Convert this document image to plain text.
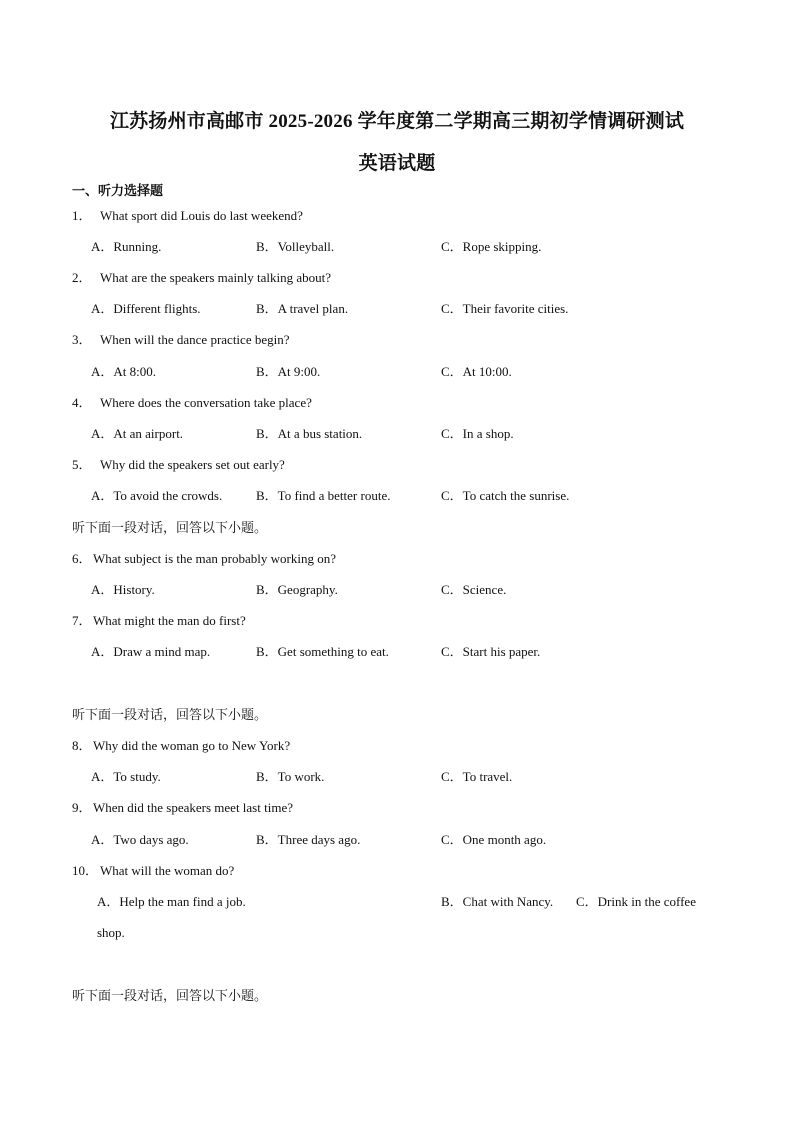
江苏扬州市高邮市 2025-2026 学年度第二学期高三期初学情调研测试
英语试题
一、听力选择题
1． What sport did Louis do last weekend?
A．Running.	B．Volleyball.	C．Rope skipping.
2． What are the speakers mainly talking about?
A．Different flights.	B．A travel plan.	C．Their favorite cities.
3． When will the dance practice begin?
A．At 8:00.	B．At 9:00.	C．At 10:00.
4． Where does the conversation take place?
A．At an airport.	B．At a bus station.	C．In a shop.
5． Why did the speakers set out early?
A．To avoid the crowds.	B．To find a better route.	C．To catch the sunrise.
听下面一段对话，回答以下小题。
6．What subject is the man probably working on?
A．History.	B．Geography.	C．Science.
7．What might the man do first?
A．Draw a mind map.	B．Get something to eat.	C．Start his paper.
听下面一段对话，回答以下小题。
8．Why did the woman go to New York?
A．To study.	B．To work.	C．To travel.
9．When did the speakers meet last time?
A．Two days ago.	B．Three days ago.	C．One month ago.
10． What will the woman do?
A．Help the man find a job.	B．Chat with Nancy. C．Drink in the coffee
shop.
听下面一段对话，回答以下小题。
